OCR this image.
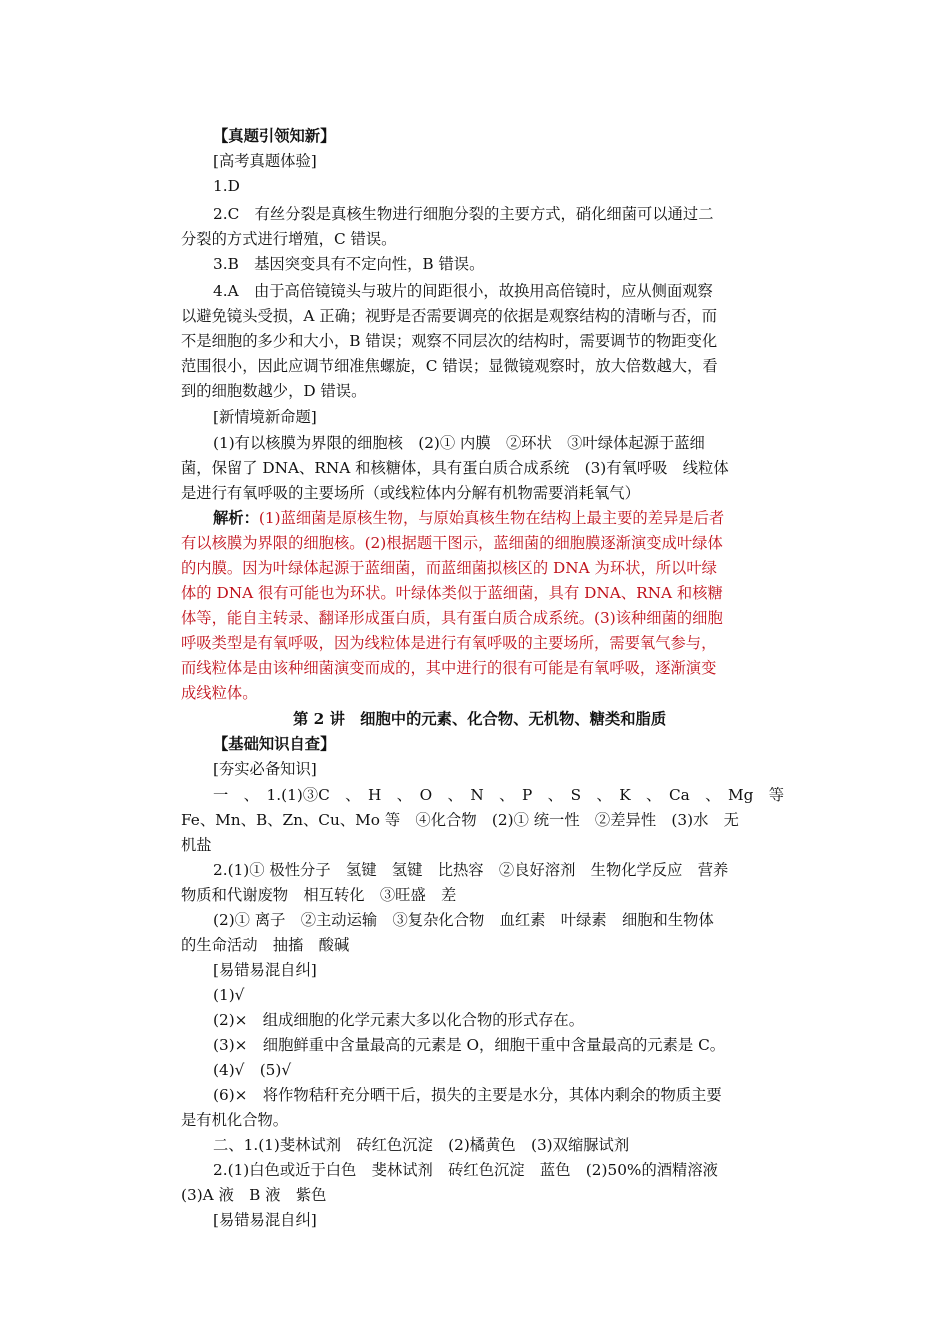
【真题引领知新】
[高考真题体验]
1.D
2.C　有丝分裂是真核生物进行细胞分裂的主要方式，硝化细菌可以通过二
分裂的方式进行增殖，C 错误。
3.B　基因突变具有不定向性，B 错误。
4.A　由于高倍镜镜头与玻片的间距很小，故换用高倍镜时，应从侧面观察
以避免镜头受损，A 正确；视野是否需要调亮的依据是观察结构的清晰与否，而
不是细胞的多少和大小，B 错误；观察不同层次的结构时，需要调节的物距变化
范围很小，因此应调节细准焦螺旋，C 错误；显微镜观察时，放大倍数越大，看
到的细胞数越少，D 错误。
[新情境新命题]
(1)有以核膜为界限的细胞核　(2)① 内膜　②环状　③叶绿体起源于蓝细
菌，保留了 DNA、RNA 和核糖体，具有蛋白质合成系统　(3)有氧呼吸　线粒体
是进行有氧呼吸的主要场所（或线粒体内分解有机物需要消耗氧气）
解析：(1)蓝细菌是原核生物，与原始真核生物在结构上最主要的差异是后者
有以核膜为界限的细胞核。(2)根据题干图示，蓝细菌的细胞膜逐渐演变成叶绿体
的内膜。因为叶绿体起源于蓝细菌，而蓝细菌拟核区的 DNA 为环状，所以叶绿
体的 DNA 很有可能也为环状。叶绿体类似于蓝细菌，具有 DNA、RNA 和核糖
体等，能自主转录、翻译形成蛋白质，具有蛋白质合成系统。(3)该种细菌的细胞
呼吸类型是有氧呼吸，因为线粒体是进行有氧呼吸的主要场所，需要氧气参与，
而线粒体是由该种细菌演变而成的，其中进行的很有可能是有氧呼吸，逐渐演变
成线粒体。
第 2 讲　细胞中的元素、化合物、无机物、糖类和脂质
【基础知识自查】
[夯实必备知识]
一　、　1.(1)③C　、　H　、　O　、　N　、　P　、　S　、　K　、　Ca　、　Mg　等
Fe、Mn、B、Zn、Cu、Mo 等　④化合物　(2)① 统一性　②差异性　(3)水　无
机盐
2.(1)① 极性分子　氢键　氢键　比热容　②良好溶剂　生物化学反应　营养
物质和代谢废物　相互转化　③旺盛　差
(2)① 离子　②主动运输　③复杂化合物　血红素　叶绿素　细胞和生物体
的生命活动　抽搐　酸碱
[易错易混自纠]
(1)√
(2)×　组成细胞的化学元素大多以化合物的形式存在。
(3)×　细胞鲜重中含量最高的元素是 O，细胞干重中含量最高的元素是 C。
(4)√　(5)√
(6)×　将作物秸秆充分晒干后，损失的主要是水分，其体内剩余的物质主要
是有机化合物。
二、1.(1)斐林试剂　砖红色沉淀　(2)橘黄色　(3)双缩脲试剂
2.(1)白色或近于白色　斐林试剂　砖红色沉淀　蓝色　(2)50%的酒精溶液
(3)A 液　B 液　紫色
[易错易混自纠]
